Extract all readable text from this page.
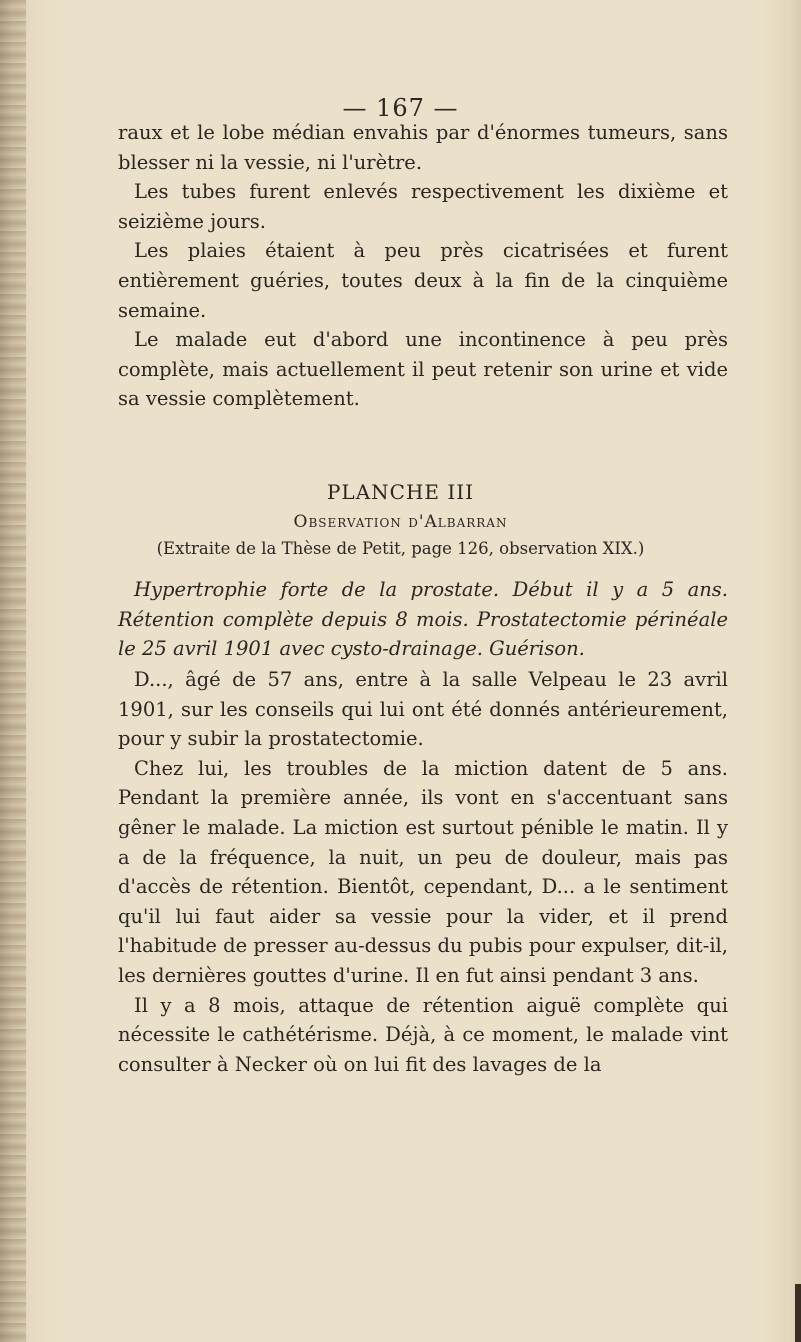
— 167 —

raux et le lobe médian envahis par d'énormes tumeurs, sans blesser ni la vessie, ni l'urètre.

Les tubes furent enlevés respectivement les dixième et seizième jours.

Les plaies étaient à peu près cicatrisées et furent entièrement guéries, toutes deux à la fin de la cinquième semaine.

Le malade eut d'abord une incontinence à peu près complète, mais actuellement il peut retenir son urine et vide sa vessie complètement.

PLANCHE III

Observation d'Albarran

(Extraite de la Thèse de Petit, page 126, observation XIX.)

Hypertrophie forte de la prostate. Début il y a 5 ans. Rétention complète depuis 8 mois. Prostatectomie périnéale le 25 avril 1901 avec cysto-drainage. Guérison.

D..., âgé de 57 ans, entre à la salle Velpeau le 23 avril 1901, sur les conseils qui lui ont été donnés antérieurement, pour y subir la prostatectomie.

Chez lui, les troubles de la miction datent de 5 ans. Pendant la première année, ils vont en s'accentuant sans gêner le malade. La miction est surtout pénible le matin. Il y a de la fréquence, la nuit, un peu de douleur, mais pas d'accès de rétention. Bientôt, cependant, D... a le sentiment qu'il lui faut aider sa vessie pour la vider, et il prend l'habitude de presser au-dessus du pubis pour expulser, dit-il, les dernières gouttes d'urine. Il en fut ainsi pendant 3 ans.

Il y a 8 mois, attaque de rétention aiguë complète qui nécessite le cathétérisme. Déjà, à ce moment, le malade vint consulter à Necker où on lui fit des lavages de la
